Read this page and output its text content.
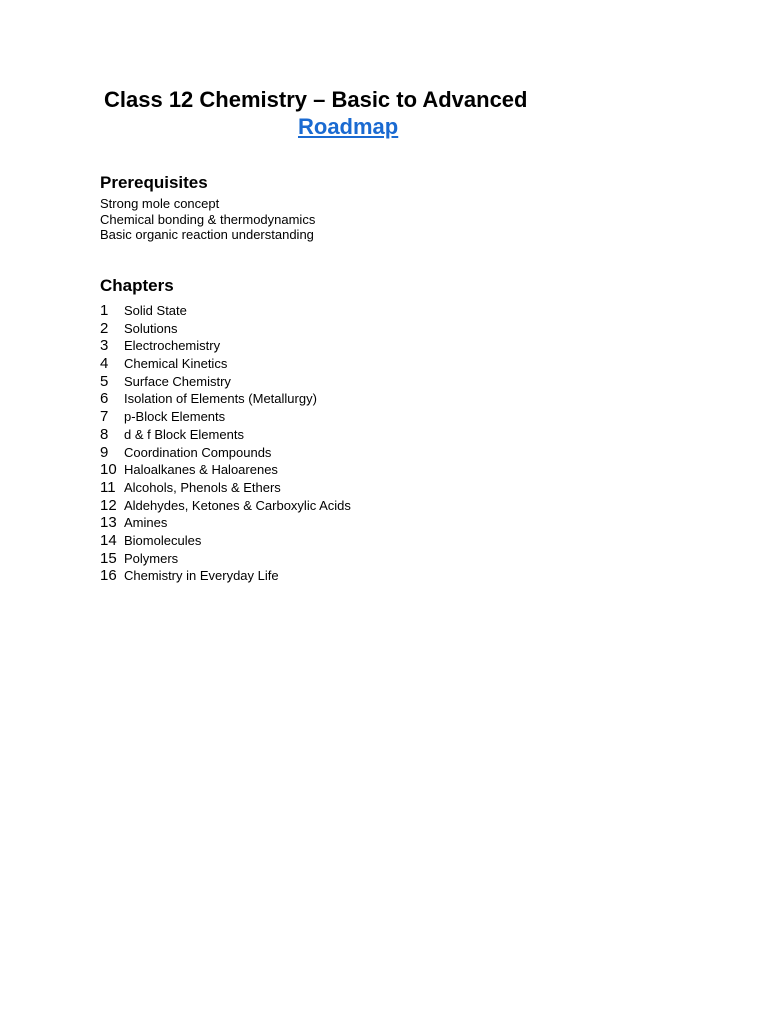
Class 12 Chemistry – Basic to Advanced
Roadmap
Prerequisites
Strong mole concept
Chemical bonding & thermodynamics
Basic organic reaction understanding
Chapters
1	Solid State
2	Solutions
3	Electrochemistry
4	Chemical Kinetics
5	Surface Chemistry
6	Isolation of Elements (Metallurgy)
7	p-Block Elements
8	d & f Block Elements
9	Coordination Compounds
10 Haloalkanes & Haloarenes
11 Alcohols, Phenols & Ethers
12 Aldehydes, Ketones & Carboxylic Acids
13 Amines
14 Biomolecules
15 Polymers
16 Chemistry in Everyday Life
